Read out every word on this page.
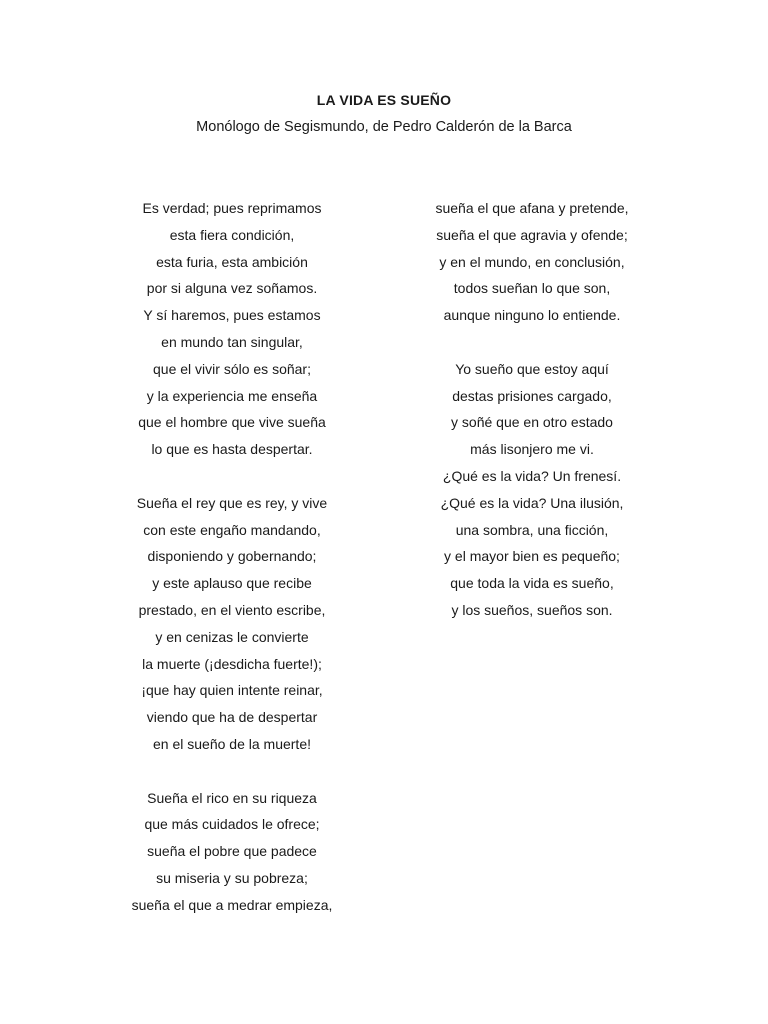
LA VIDA ES SUEÑO
Monólogo de Segismundo, de Pedro Calderón de la Barca
Es verdad; pues reprimamos
esta fiera condición,
esta furia, esta ambición
por si alguna vez soñamos.
Y sí haremos, pues estamos
en mundo tan singular,
que el vivir sólo es soñar;
y la experiencia me enseña
que el hombre que vive sueña
lo que es hasta despertar.
Sueña el rey que es rey, y vive
con este engaño mandando,
disponiendo y gobernando;
y este aplauso que recibe
prestado, en el viento escribe,
y en cenizas le convierte
la muerte (¡desdicha fuerte!);
¡que hay quien intente reinar,
viendo que ha de despertar
en el sueño de la muerte!
Sueña el rico en su riqueza
que más cuidados le ofrece;
sueña el pobre que padece
su miseria y su pobreza;
sueña el que a medrar empieza,
sueña el que afana y pretende,
sueña el que agravia y ofende;
y en el mundo, en conclusión,
todos sueñan lo que son,
aunque ninguno lo entiende.
Yo sueño que estoy aquí
destas prisiones cargado,
y soñé que en otro estado
más lisonjero me vi.
¿Qué es la vida? Un frenesí.
¿Qué es la vida? Una ilusión,
una sombra, una ficción,
y el mayor bien es pequeño;
que toda la vida es sueño,
y los sueños, sueños son.
